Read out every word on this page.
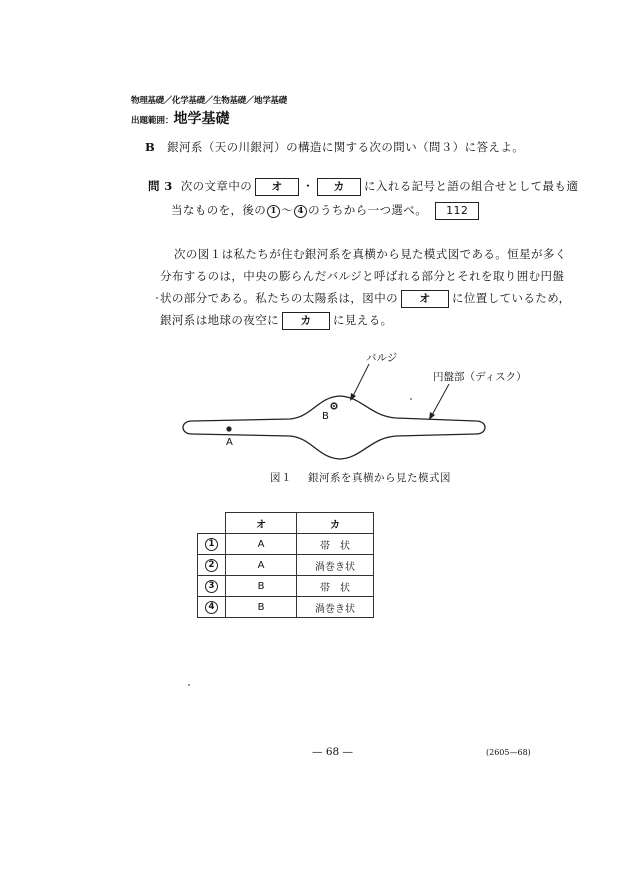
物理基礎／化学基礎／生物基礎／地学基礎
出題範囲：地学基礎
B 銀河系（天の川銀河）の構造に関する次の問い（問３）に答えよ。
問 3 次の文章中の オ ・ カ に入れる記号と語の組合せとして最も適
当なものを，後の 1 ～ 4 のうちから一つ選べ。 112
次の図１は私たちが住む銀河系を真横から見た模式図である。恒星が多く
分布するのは，中央の膨らんだバルジと呼ばれる部分とそれを取り囲む円盤
状の部分である。私たちの太陽系は，図中の オ に位置しているため，
銀河系は地球の夜空に カ に見える。
バルジ
円盤部（ディスク）
A
B
図１ 銀河系を真横から見た模式図
	オ	カ
1	A	帯　状
2	A	渦巻き状
3	B	帯　状
4	B	渦巻き状
— 68 —	(2605—68)
